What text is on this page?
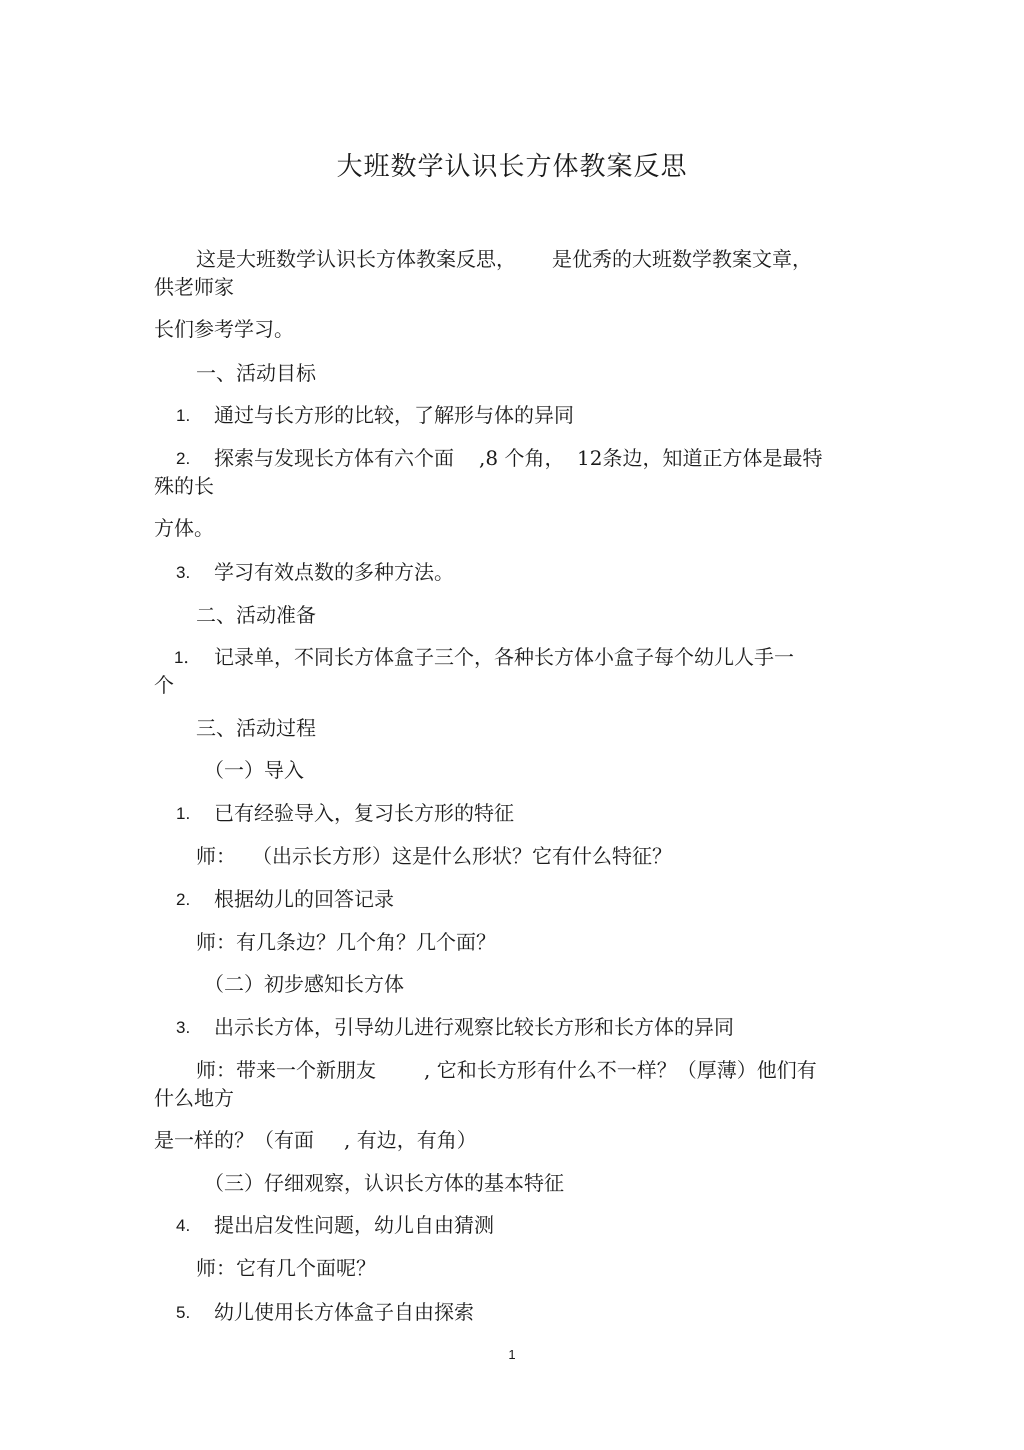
大班数学认识长方体教案反思
这是大班数学认识长方体教案反思， 是优秀的大班数学教案文章，
供老师家
长们参考学习。
一、活动目标
1. 通过与长方形的比较，了解形与体的异同
2. 探索与发现长方体有六个面 ,8 个角， 12条边，知道正方体是最特
殊的长
方体。
3. 学习有效点数的多种方法。
二、活动准备
1． 记录单，不同长方体盒子三个，各种长方体小盒子每个幼儿人手一
个
三、活动过程
（一）导入
1. 已有经验导入，复习长方形的特征
师： （出示长方形）这是什么形状？它有什么特征？
2. 根据幼儿的回答记录
师：有几条边？几个角？几个面？
（二）初步感知长方体
3. 出示长方体，引导幼儿进行观察比较长方形和长方体的异同
师：带来一个新朋友 , 它和长方形有什么不一样？（厚薄）他们有
什么地方
是一样的？（有面 , 有边，有角）
（三）仔细观察，认识长方体的基本特征
4. 提出启发性问题，幼儿自由猜测
师：它有几个面呢？
5. 幼儿使用长方体盒子自由探索
1
